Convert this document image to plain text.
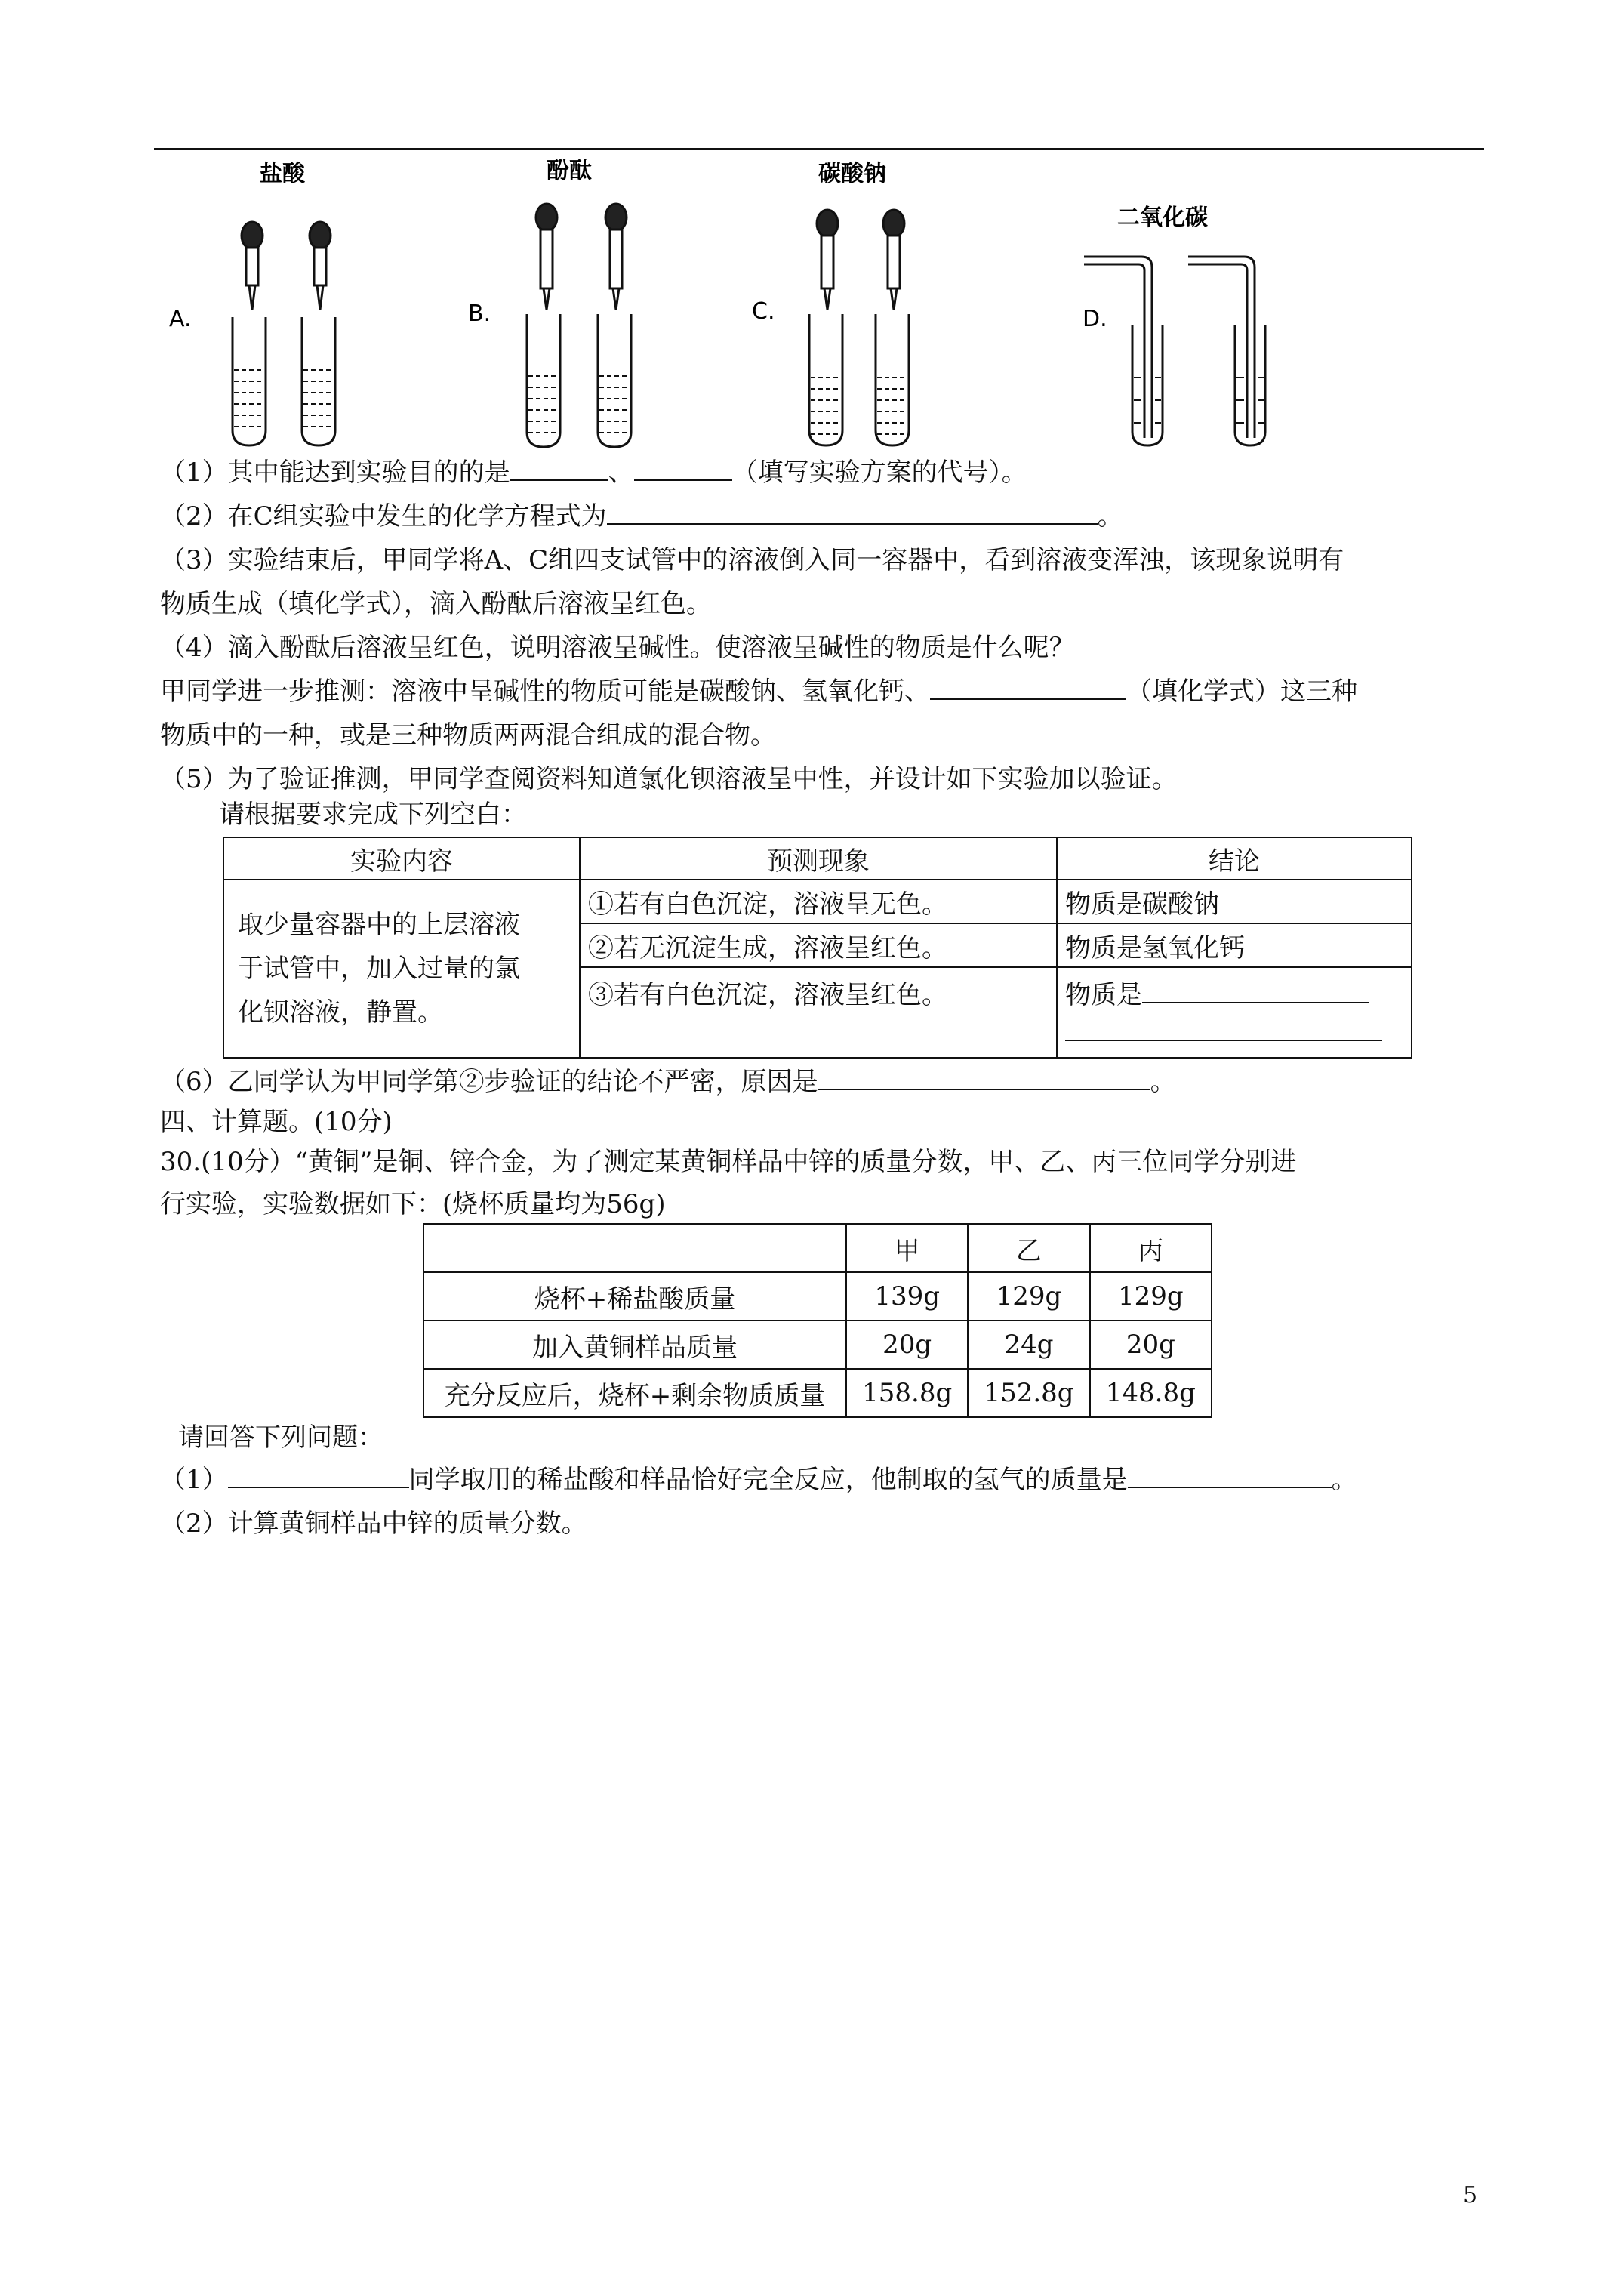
A.
盐酸
B.
酚酞
C.
碳酸钠
D.
二氧化碳
（1）其中能达到实验目的的是	、	（填写实验方案的代号）。
（2）在C组实验中发生的化学方程式为	。
（3）实验结束后，甲同学将A、C组四支试管中的溶液倒入同一容器中，看到溶液变浑浊，该现象说明有
物质生成（填化学式），滴入酚酞后溶液呈红色。
（4）滴入酚酞后溶液呈红色，说明溶液呈碱性。使溶液呈碱性的物质是什么呢？
甲同学进一步推测：溶液中呈碱性的物质可能是碳酸钠、氢氧化钙、	（填化学式）这三种
物质中的一种，或是三种物质两两混合组成的混合物。
（5）为了验证推测，甲同学查阅资料知道氯化钡溶液呈中性，并设计如下实验加以验证。
请根据要求完成下列空白：
实验内容	预测现象	结论

取少量容器中的上层溶液
于试管中，加入过量的氯
化钡溶液，静置。	①若有白色沉淀，溶液呈无色。	物质是碳酸钠
	②若无沉淀生成，溶液呈红色。	物质是氢氧化钙
	③若有白色沉淀，溶液呈红色。	物质是
（6）乙同学认为甲同学第②步验证的结论不严密，原因是	。
四、计算题。(10分)
30.(10分）“黄铜”是铜、锌合金，为了测定某黄铜样品中锌的质量分数，甲、乙、丙三位同学分别进
行实验，实验数据如下：(烧杯质量均为56g)
	甲	乙	丙
烧杯+稀盐酸质量	139g	129g	129g
加入黄铜样品质量	20g	24g	20g
充分反应后，烧杯+剩余物质质量	158.8g	152.8g	148.8g
请回答下列问题：
（1）	同学取用的稀盐酸和样品恰好完全反应，他制取的氢气的质量是	。
（2）计算黄铜样品中锌的质量分数。
5
